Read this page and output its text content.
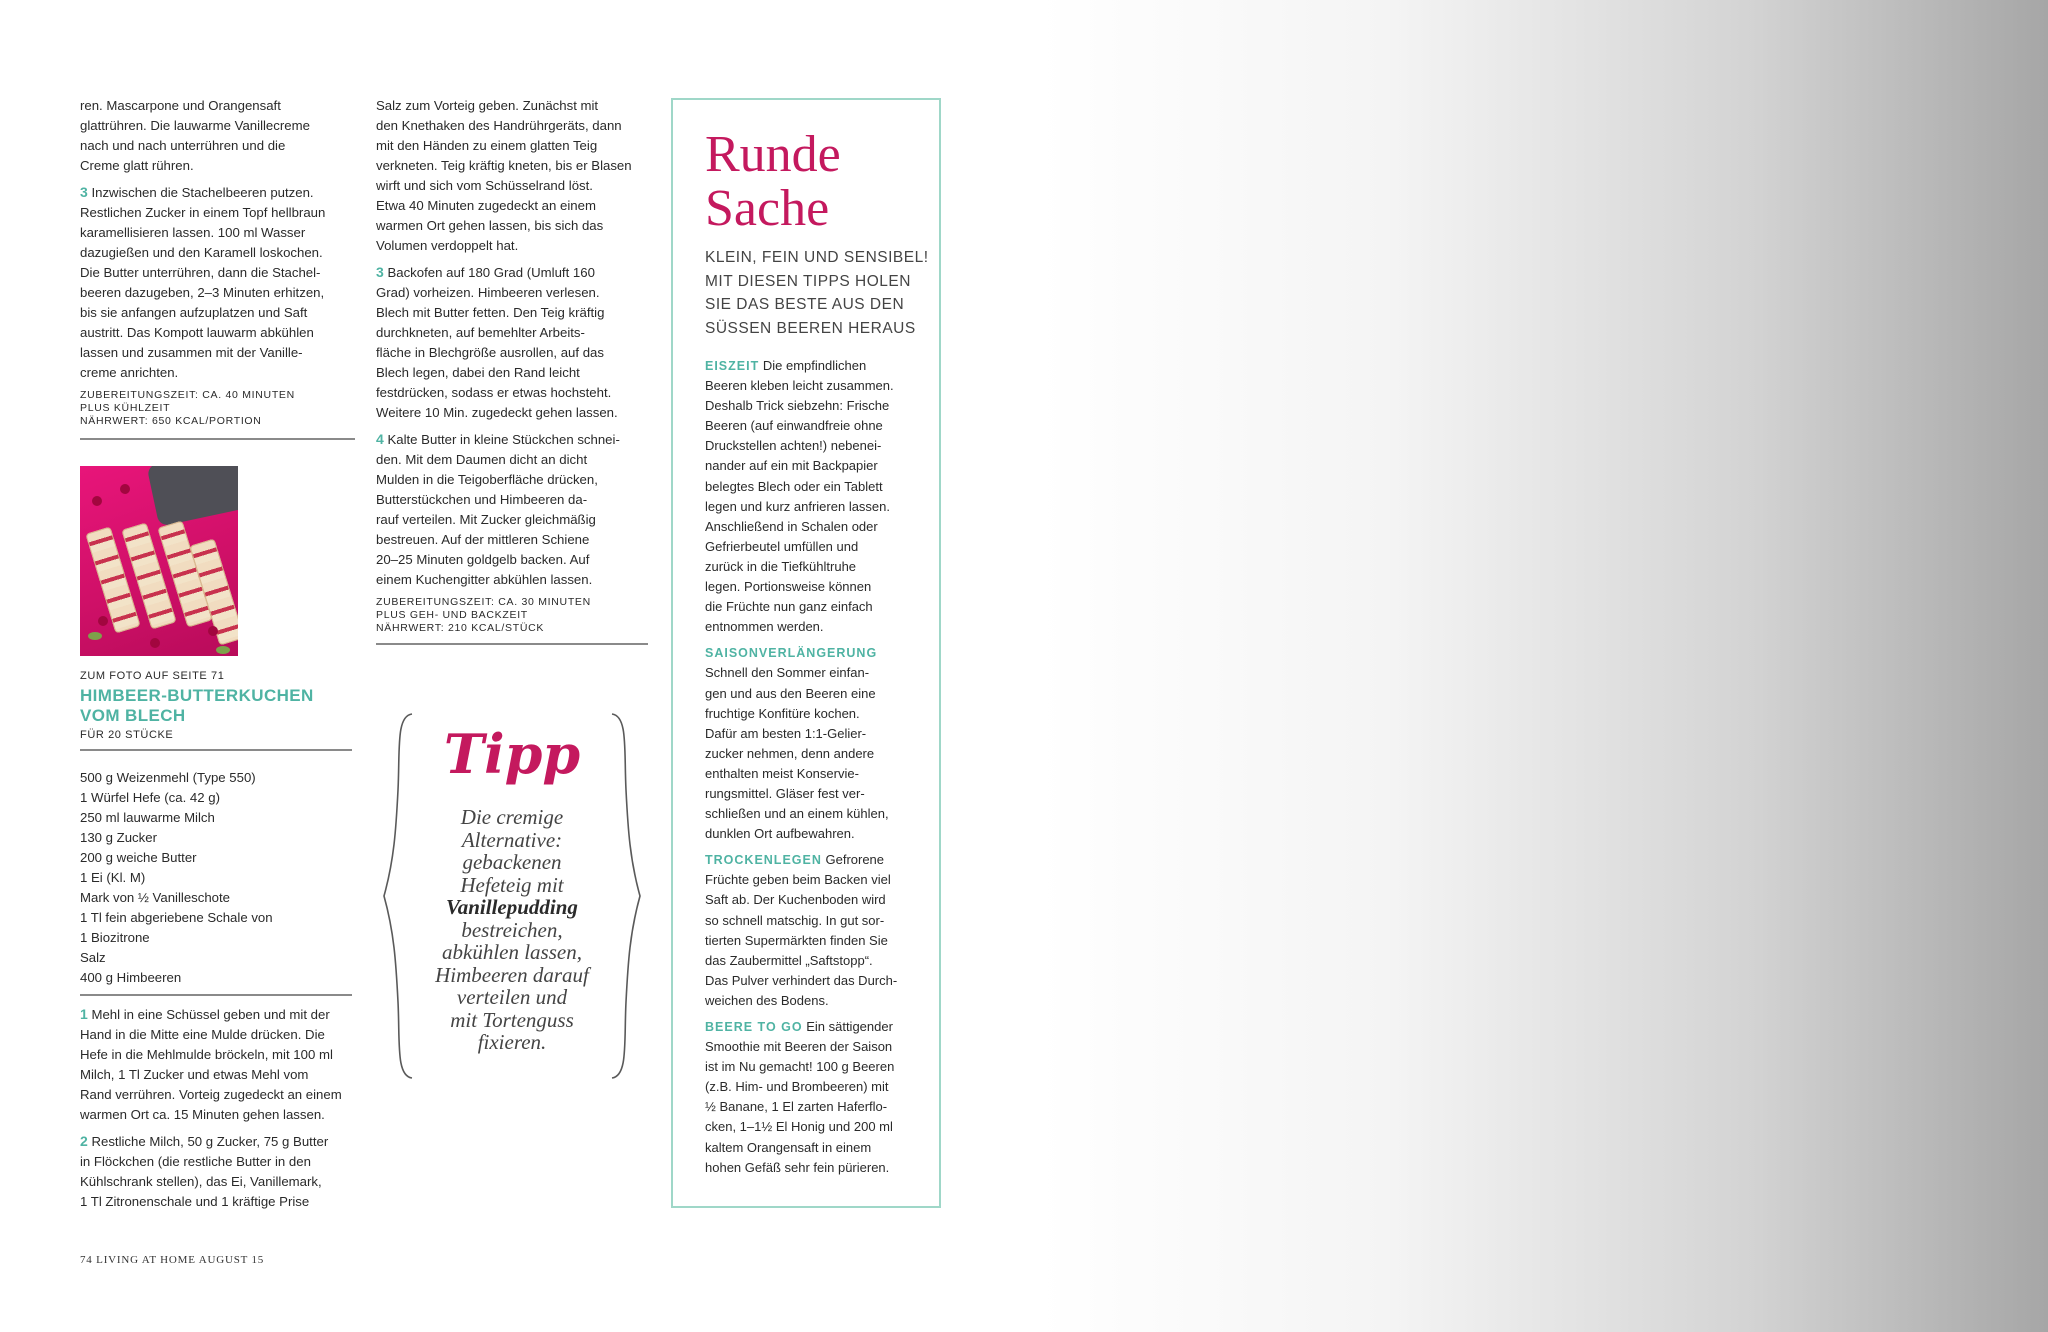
ren. Mascarpone und Orangensaft
glattrühren. Die lauwarme Vanillecreme
nach und nach unterrühren und die
Creme glatt rühren.

3 Inzwischen die Stachelbeeren putzen.
Restlichen Zucker in einem Topf hellbraun
karamellisieren lassen. 100 ml Wasser
dazugießen und den Karamell loskochen.
Die Butter unterrühren, dann die Stachel-
beeren dazugeben, 2–3 Minuten erhitzen,
bis sie anfangen aufzuplatzen und Saft
austritt. Das Kompott lauwarm abkühlen
lassen und zusammen mit der Vanille-
creme anrichten.

ZUBEREITUNGSZEIT: CA. 40 MINUTEN
PLUS KÜHLZEIT
NÄHRWERT: 650 KCAL/PORTION
ZUM FOTO AUF SEITE 71
HIMBEER-BUTTERKUCHEN
VOM BLECH
FÜR 20 STÜCKE
500 g Weizenmehl (Type 550)
1 Würfel Hefe (ca. 42 g)
250 ml lauwarme Milch
130 g Zucker
200 g weiche Butter
1 Ei (Kl. M)
Mark von ½ Vanilleschote
1 Tl fein abgeriebene Schale von
1 Biozitrone
Salz
400 g Himbeeren

1 Mehl in eine Schüssel geben und mit der
Hand in die Mitte eine Mulde drücken. Die
Hefe in die Mehlmulde bröckeln, mit 100 ml
Milch, 1 Tl Zucker und etwas Mehl vom
Rand verrühren. Vorteig zugedeckt an einem
warmen Ort ca. 15 Minuten gehen lassen.

2 Restliche Milch, 50 g Zucker, 75 g Butter
in Flöckchen (die restliche Butter in den
Kühlschrank stellen), das Ei, Vanillemark,
1 Tl Zitronenschale und 1 kräftige Prise

Salz zum Vorteig geben. Zunächst mit
den Knethaken des Handrührgeräts, dann
mit den Händen zu einem glatten Teig
verkneten. Teig kräftig kneten, bis er Blasen
wirft und sich vom Schüsselrand löst.
Etwa 40 Minuten zugedeckt an einem
warmen Ort gehen lassen, bis sich das
Volumen verdoppelt hat.

3 Backofen auf 180 Grad (Umluft 160
Grad) vorheizen. Himbeeren verlesen.
Blech mit Butter fetten. Den Teig kräftig
durchkneten, auf bemehlter Arbeits-
fläche in Blechgröße ausrollen, auf das
Blech legen, dabei den Rand leicht
festdrücken, sodass er etwas hochsteht.
Weitere 10 Min. zugedeckt gehen lassen.

4 Kalte Butter in kleine Stückchen schnei-
den. Mit dem Daumen dicht an dicht
Mulden in die Teigoberfläche drücken,
Butterstückchen und Himbeeren da-
rauf verteilen. Mit Zucker gleichmäßig
bestreuen. Auf der mittleren Schiene
20–25 Minuten goldgelb backen. Auf
einem Kuchengitter abkühlen lassen.

ZUBEREITUNGSZEIT: CA. 30 MINUTEN
PLUS GEH- UND BACKZEIT
NÄHRWERT: 210 KCAL/STÜCK
Tipp
Die cremige
Alternative:
gebackenen
Hefeteig mit
Vanillepudding
bestreichen,
abkühlen lassen,
Himbeeren darauf
verteilen und
mit Tortenguss
fixieren.
Runde
Sache
KLEIN, FEIN UND SENSIBEL!
MIT DIESEN TIPPS HOLEN
SIE DAS BESTE AUS DEN
SÜSSEN BEEREN HERAUS

EISZEIT Die empfindlichen
Beeren kleben leicht zusammen.
Deshalb Trick siebzehn: Frische
Beeren (auf einwandfreie ohne
Druckstellen achten!) nebenei-
nander auf ein mit Backpapier
belegtes Blech oder ein Tablett
legen und kurz anfrieren lassen.
Anschließend in Schalen oder
Gefrierbeutel umfüllen und
zurück in die Tiefkühltruhe
legen. Portionsweise können
die Früchte nun ganz einfach
entnommen werden.

SAISONVERLÄNGERUNG
Schnell den Sommer einfan-
gen und aus den Beeren eine
fruchtige Konfitüre kochen.
Dafür am besten 1:1-Gelier-
zucker nehmen, denn andere
enthalten meist Konservie-
rungsmittel. Gläser fest ver-
schließen und an einem kühlen,
dunklen Ort aufbewahren.

TROCKENLEGEN Gefrorene
Früchte geben beim Backen viel
Saft ab. Der Kuchenboden wird
so schnell matschig. In gut sor-
tierten Supermärkten finden Sie
das Zaubermittel „Saftstopp“.
Das Pulver verhindert das Durch-
weichen des Bodens.

BEERE TO GO Ein sättigender
Smoothie mit Beeren der Saison
ist im Nu gemacht! 100 g Beeren
(z.B. Him- und Brombeeren) mit
½ Banane, 1 El zarten Haferflo-
cken, 1–1½ El Honig und 200 ml
kaltem Orangensaft in einem
hohen Gefäß sehr fein pürieren.

74 LIVING AT HOME AUGUST 15
